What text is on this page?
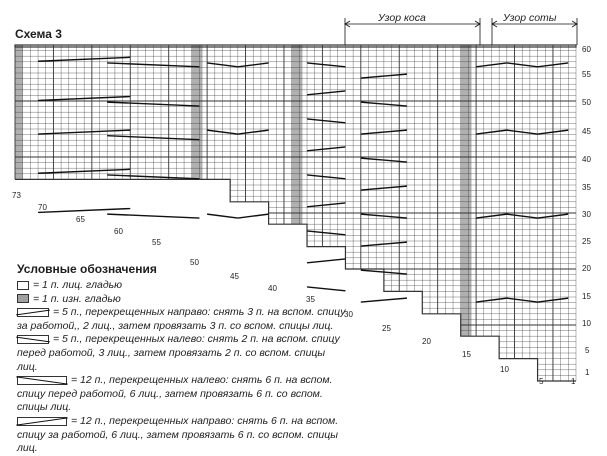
Схема 3
Узор коса	Узор соты
Условные обозначения
= 1 п. лиц. гладью
= 1 п. изн. гладью
= 5 п., перекрещенных направо: снять 3 п. на вспом. спицу за работой,, 2 лиц., затем провязать 3 п. со вспом. спицы лиц.
= 5 п., перекрещенных налево: снять 2 п. на вспом. спицу перед работой, 3 лиц., затем провязать 2 п. со вспом. спицы лиц.
= 12 п., перекрещенных налево: снять 6 п. на вспом. спицу перед работой, 6 лиц., затем провязать 6 п. со вспом. спицы лиц.
= 12 п., перекрещенных направо: снять 6 п. на вспом. спицу за работой, 6 лиц., затем провязать 6 п. со вспом. спицы лиц.
60
55
50
45
40
35
30
25
20
15
10
5
1
73
70
65
60
55
50
45
40
35
30
25
20
15
10
5	1
